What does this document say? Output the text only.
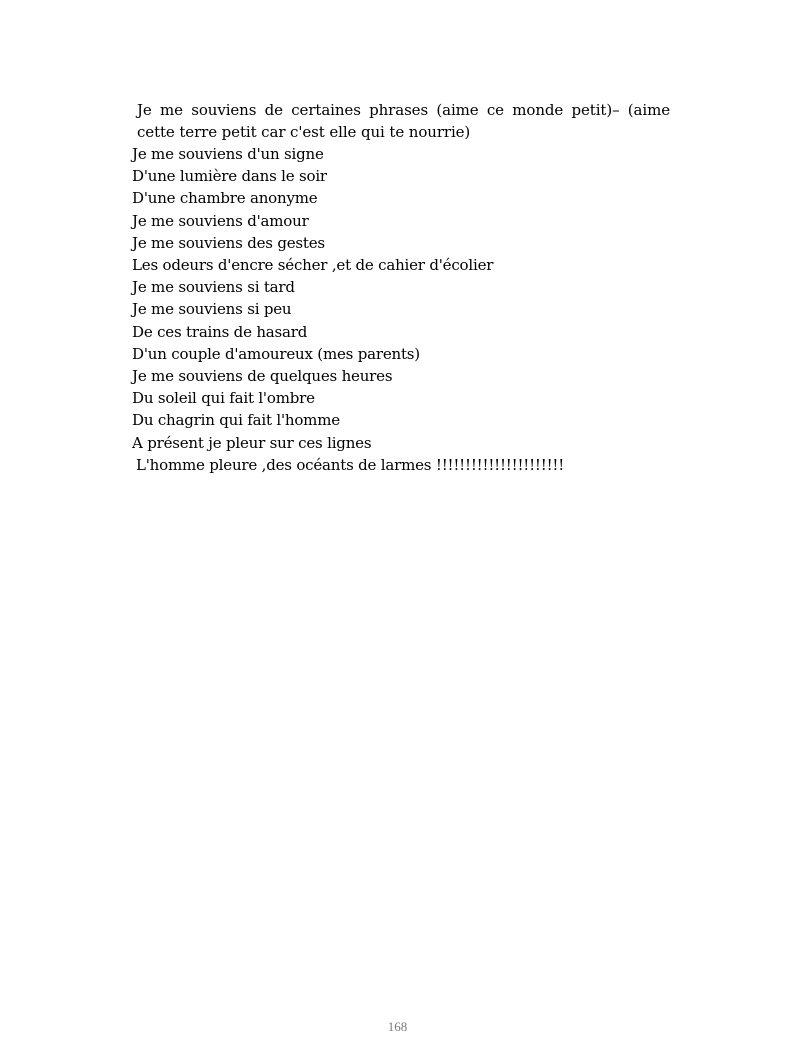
Je me souviens de certaines phrases (aime ce monde petit)– (aime cette terre petit car c'est elle qui te nourrie)
Je me souviens d'un signe
D'une lumière dans le soir
D'une chambre anonyme
Je me souviens d'amour
Je me souviens des gestes
Les odeurs d'encre sécher ,et de cahier d'écolier
Je me souviens si tard
Je me souviens si peu
De ces trains de hasard
D'un couple d'amoureux (mes parents)
Je me souviens de quelques heures
Du soleil qui fait l'ombre
Du chagrin qui fait l'homme
A présent je pleur sur ces lignes
L'homme pleure ,des océants de larmes !!!!!!!!!!!!!!!!!!!!!!
168
